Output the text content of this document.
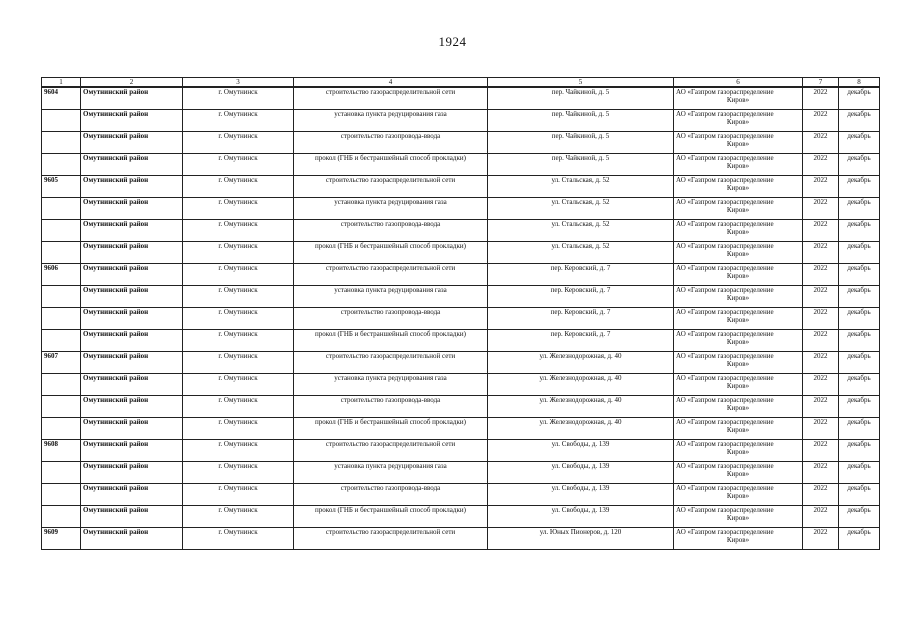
1924
1	2	3	4	5	6	7	8
9604	Омутнинский район	г. Омутнинск	строительство газораспределительной сети	пер. Чайкиной, д. 5	АО «Газпром газораспределение
Киров»	2022	декабрь
	Омутнинский район	г. Омутнинск	установка пункта редуцирования газа	пер. Чайкиной, д. 5	АО «Газпром газораспределение
Киров»	2022	декабрь
	Омутнинский район	г. Омутнинск	строительство газопровода-ввода	пер. Чайкиной, д. 5	АО «Газпром газораспределение
Киров»	2022	декабрь
	Омутнинский район	г. Омутнинск	прокол (ГНБ и бестраншейный способ прокладки)	пер. Чайкиной, д. 5	АО «Газпром газораспределение
Киров»	2022	декабрь
9605	Омутнинский район	г. Омутнинск	строительство газораспределительной сети	ул. Стальская, д. 52	АО «Газпром газораспределение
Киров»	2022	декабрь
	Омутнинский район	г. Омутнинск	установка пункта редуцирования газа	ул. Стальская, д. 52	АО «Газпром газораспределение
Киров»	2022	декабрь
	Омутнинский район	г. Омутнинск	строительство газопровода-ввода	ул. Стальская, д. 52	АО «Газпром газораспределение
Киров»	2022	декабрь
	Омутнинский район	г. Омутнинск	прокол (ГНБ и бестраншейный способ прокладки)	ул. Стальская, д. 52	АО «Газпром газораспределение
Киров»	2022	декабрь
9606	Омутнинский район	г. Омутнинск	строительство газораспределительной сети	пер. Керовский, д. 7	АО «Газпром газораспределение
Киров»	2022	декабрь
	Омутнинский район	г. Омутнинск	установка пункта редуцирования газа	пер. Керовский, д. 7	АО «Газпром газораспределение
Киров»	2022	декабрь
	Омутнинский район	г. Омутнинск	строительство газопровода-ввода	пер. Керовский, д. 7	АО «Газпром газораспределение
Киров»	2022	декабрь
	Омутнинский район	г. Омутнинск	прокол (ГНБ и бестраншейный способ прокладки)	пер. Керовский, д. 7	АО «Газпром газораспределение
Киров»	2022	декабрь
9607	Омутнинский район	г. Омутнинск	строительство газораспределительной сети	ул. Железнодорожная, д. 40	АО «Газпром газораспределение
Киров»	2022	декабрь
	Омутнинский район	г. Омутнинск	установка пункта редуцирования газа	ул. Железнодорожная, д. 40	АО «Газпром газораспределение
Киров»	2022	декабрь
	Омутнинский район	г. Омутнинск	строительство газопровода-ввода	ул. Железнодорожная, д. 40	АО «Газпром газораспределение
Киров»	2022	декабрь
	Омутнинский район	г. Омутнинск	прокол (ГНБ и бестраншейный способ прокладки)	ул. Железнодорожная, д. 40	АО «Газпром газораспределение
Киров»	2022	декабрь
9608	Омутнинский район	г. Омутнинск	строительство газораспределительной сети	ул. Свободы, д. 139	АО «Газпром газораспределение
Киров»	2022	декабрь
	Омутнинский район	г. Омутнинск	установка пункта редуцирования газа	ул. Свободы, д. 139	АО «Газпром газораспределение
Киров»	2022	декабрь
	Омутнинский район	г. Омутнинск	строительство газопровода-ввода	ул. Свободы, д. 139	АО «Газпром газораспределение
Киров»	2022	декабрь
	Омутнинский район	г. Омутнинск	прокол (ГНБ и бестраншейный способ прокладки)	ул. Свободы, д. 139	АО «Газпром газораспределение
Киров»	2022	декабрь
9609	Омутнинский район	г. Омутнинск	строительство газораспределительной сети	ул. Юных Пионеров, д. 120	АО «Газпром газораспределение
Киров»	2022	декабрь
